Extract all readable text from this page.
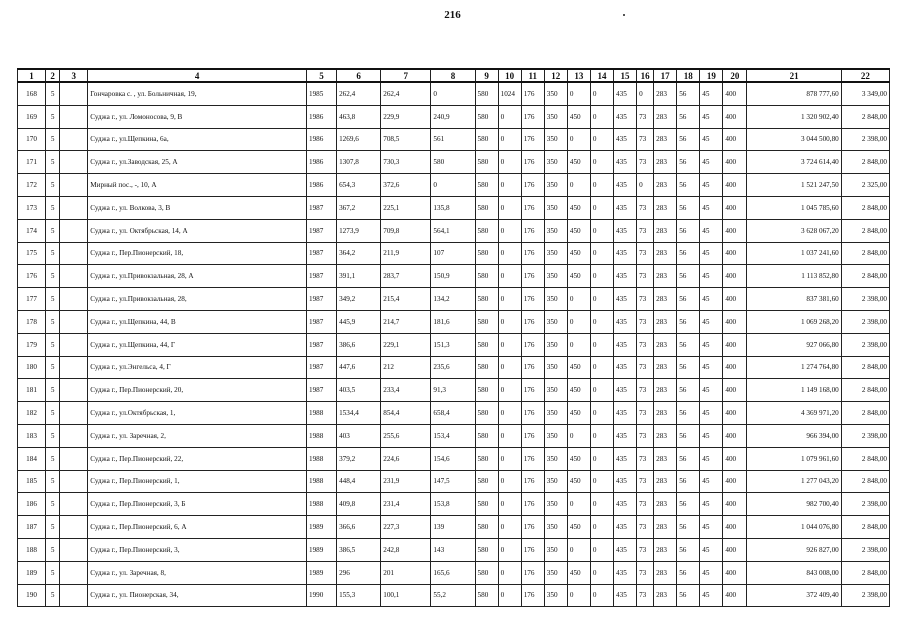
216
1	2	3	4	5	6	7	8	9	10	11	12	13	14	15	16	17	18	19	20	21	22
168	5		Гончаровка с. , ул. Больничная, 19,	1985	262,4	262,4	0	580	1024	176	350	0	0	435	0	283	56	45	400	878 777,60	3 349,00
169	5		Суджа г., ул. Ломоносова, 9, В	1986	463,8	229,9	240,9	580	0	176	350	450	0	435	73	283	56	45	400	1 320 902,40	2 848,00
170	5		Суджа г., ул.Щепкина, 6а,	1986	1269,6	708,5	561	580	0	176	350	0	0	435	73	283	56	45	400	3 044 500,80	2 398,00
171	5		Суджа г., ул.Заводская, 25, А	1986	1307,8	730,3	580	580	0	176	350	450	0	435	73	283	56	45	400	3 724 614,40	2 848,00
172	5		Мирный пос., -, 10, А	1986	654,3	372,6	0	580	0	176	350	0	0	435	0	283	56	45	400	1 521 247,50	2 325,00
173	5		Суджа г., ул. Волкова, 3, В	1987	367,2	225,1	135,8	580	0	176	350	450	0	435	73	283	56	45	400	1 045 785,60	2 848,00
174	5		Суджа г., ул. Октябрьская, 14, А	1987	1273,9	709,8	564,1	580	0	176	350	450	0	435	73	283	56	45	400	3 628 067,20	2 848,00
175	5		Суджа г., Пер.Пионерский, 18,	1987	364,2	211,9	107	580	0	176	350	450	0	435	73	283	56	45	400	1 037 241,60	2 848,00
176	5		Суджа г., ул.Привокзальная, 28, А	1987	391,1	283,7	150,9	580	0	176	350	450	0	435	73	283	56	45	400	1 113 852,80	2 848,00
177	5		Суджа г., ул.Привокзальная, 28,	1987	349,2	215,4	134,2	580	0	176	350	0	0	435	73	283	56	45	400	837 381,60	2 398,00
178	5		Суджа г., ул.Щепкина, 44, В	1987	445,9	214,7	181,6	580	0	176	350	0	0	435	73	283	56	45	400	1 069 268,20	2 398,00
179	5		Суджа г., ул.Щепкина, 44, Г	1987	386,6	229,1	151,3	580	0	176	350	0	0	435	73	283	56	45	400	927 066,80	2 398,00
180	5		Суджа г., ул.Энгельса, 4, Г	1987	447,6	212	235,6	580	0	176	350	450	0	435	73	283	56	45	400	1 274 764,80	2 848,00
181	5		Суджа г., Пер.Пионерский, 20,	1987	403,5	233,4	91,3	580	0	176	350	450	0	435	73	283	56	45	400	1 149 168,00	2 848,00
182	5		Суджа г., ул.Октябрьская, 1,	1988	1534,4	854,4	658,4	580	0	176	350	450	0	435	73	283	56	45	400	4 369 971,20	2 848,00
183	5		Суджа г., ул. Заречная, 2,	1988	403	255,6	153,4	580	0	176	350	0	0	435	73	283	56	45	400	966 394,00	2 398,00
184	5		Суджа г., Пер.Пионерский, 22,	1988	379,2	224,6	154,6	580	0	176	350	450	0	435	73	283	56	45	400	1 079 961,60	2 848,00
185	5		Суджа г., Пер.Пионерский, 1,	1988	448,4	231,9	147,5	580	0	176	350	450	0	435	73	283	56	45	400	1 277 043,20	2 848,00
186	5		Суджа г., Пер.Пионерский, 3, Б	1988	409,8	231,4	153,8	580	0	176	350	0	0	435	73	283	56	45	400	982 700,40	2 398,00
187	5		Суджа г., Пер.Пионерский, 6, А	1989	366,6	227,3	139	580	0	176	350	450	0	435	73	283	56	45	400	1 044 076,80	2 848,00
188	5		Суджа г., Пер.Пионерский, 3,	1989	386,5	242,8	143	580	0	176	350	0	0	435	73	283	56	45	400	926 827,00	2 398,00
189	5		Суджа г., ул. Заречная, 8,	1989	296	201	165,6	580	0	176	350	450	0	435	73	283	56	45	400	843 008,00	2 848,00
190	5		Суджа г., ул. Пионерская, 34,	1990	155,3	100,1	55,2	580	0	176	350	0	0	435	73	283	56	45	400	372 409,40	2 398,00
